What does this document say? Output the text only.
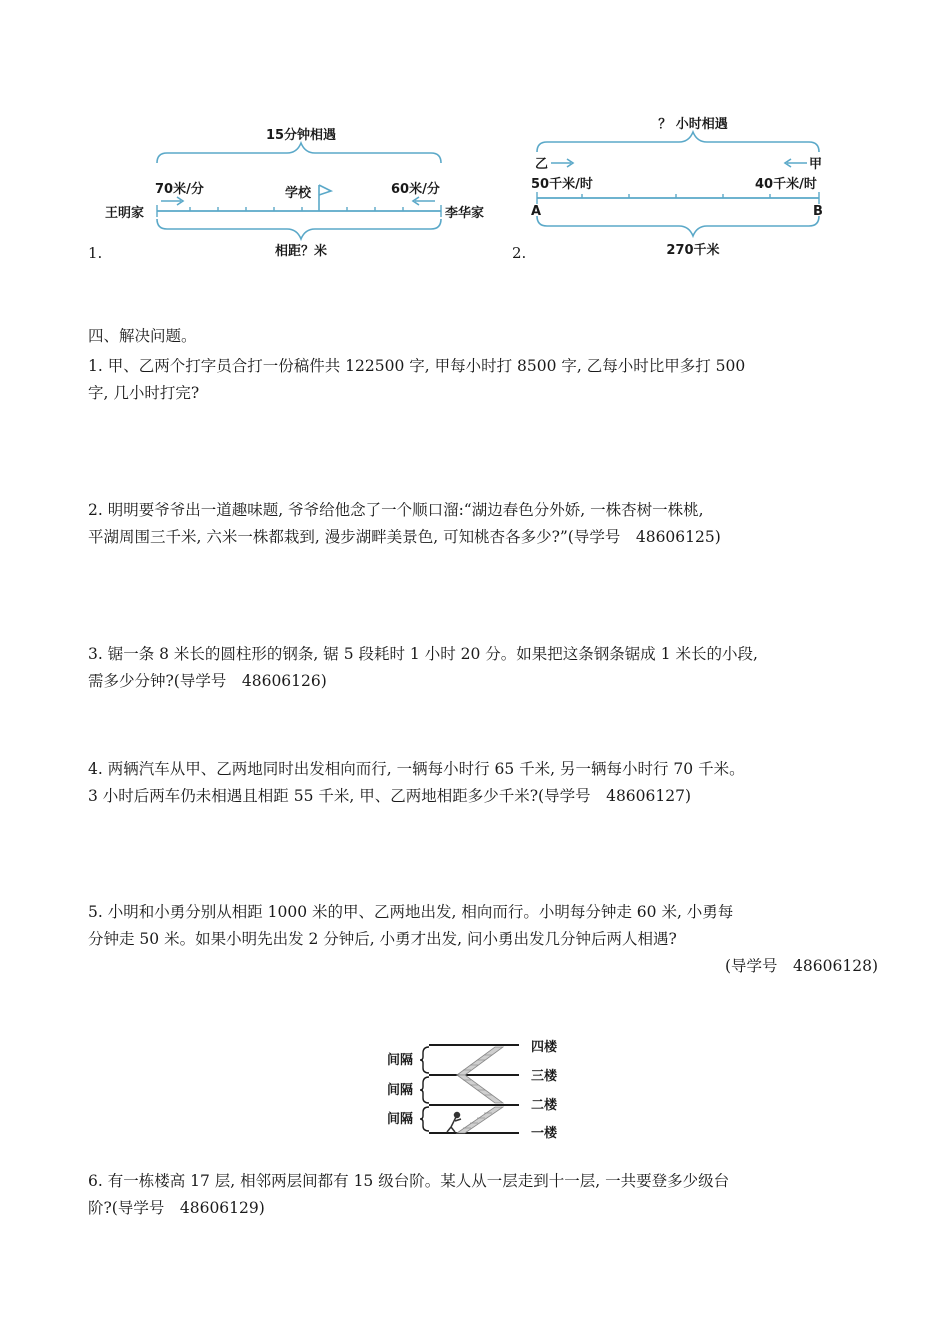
15分钟相遇
70米/分	60米/分
学校
王明家	李华家
相距？米
1.
？ 小时相遇
乙	甲
50千米/时	40千米/时
A	B
270千米
2.
四、解决问题。
1. 甲、乙两个打字员合打一份稿件共 122500 字, 甲每小时打 8500 字, 乙每小时比甲多打 500
字, 几小时打完?
2. 明明要爷爷出一道趣味题, 爷爷给他念了一个顺口溜:“湖边春色分外娇, 一株杏树一株桃,
平湖周围三千米, 六米一株都栽到, 漫步湖畔美景色, 可知桃杏各多少?”(导学号　48606125)
3. 锯一条 8 米长的圆柱形的钢条, 锯 5 段耗时 1 小时 20 分。如果把这条钢条锯成 1 米长的小段,
需多少分钟?(导学号　48606126)
4. 两辆汽车从甲、乙两地同时出发相向而行, 一辆每小时行 65 千米, 另一辆每小时行 70 千米。
3 小时后两车仍未相遇且相距 55 千米, 甲、乙两地相距多少千米?(导学号　48606127)
5. 小明和小勇分别从相距 1000 米的甲、乙两地出发, 相向而行。小明每分钟走 60 米, 小勇每
分钟走 50 米。如果小明先出发 2 分钟后, 小勇才出发, 问小勇出发几分钟后两人相遇?
(导学号　48606128)
间隔
间隔
间隔
四楼
三楼
二楼
一楼
6. 有一栋楼高 17 层, 相邻两层间都有 15 级台阶。某人从一层走到十一层, 一共要登多少级台
阶?(导学号　48606129)
